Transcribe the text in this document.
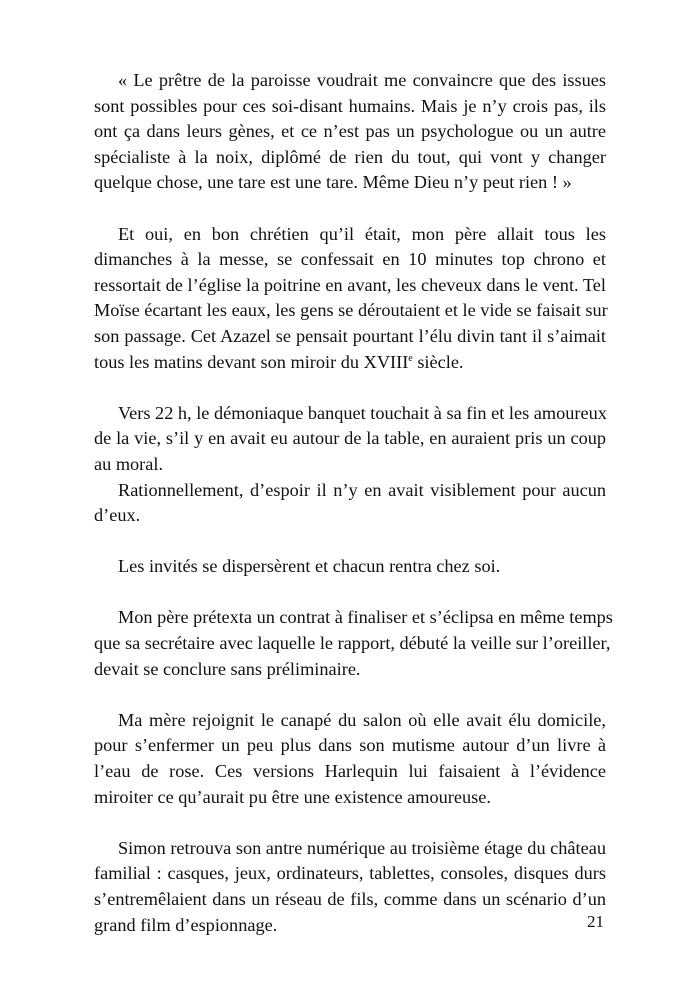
« Le prêtre de la paroisse voudrait me convaincre que des issues
sont possibles pour ces soi-disant humains. Mais je n’y crois pas, ils
ont ça dans leurs gènes, et ce n’est pas un psychologue ou un autre
spécialiste à la noix, diplômé de rien du tout, qui vont y changer
quelque chose, une tare est une tare. Même Dieu n’y peut rien ! »

Et oui, en bon chrétien qu’il était, mon père allait tous les
dimanches à la messe, se confessait en 10 minutes top chrono et
ressortait de l’église la poitrine en avant, les cheveux dans le vent. Tel
Moïse écartant les eaux, les gens se déroutaient et le vide se faisait sur
son passage. Cet Azazel se pensait pourtant l’élu divin tant il s’aimait
tous les matins devant son miroir du XVIIIe siècle.

Vers 22 h, le démoniaque banquet touchait à sa fin et les amoureux
de la vie, s’il y en avait eu autour de la table, en auraient pris un coup
au moral.

Rationnellement, d’espoir il n’y en avait visiblement pour aucun
d’eux.

Les invités se dispersèrent et chacun rentra chez soi.

Mon père prétexta un contrat à finaliser et s’éclipsa en même temps
que sa secrétaire avec laquelle le rapport, débuté la veille sur l’oreiller,
devait se conclure sans préliminaire.

Ma mère rejoignit le canapé du salon où elle avait élu domicile,
pour s’enfermer un peu plus dans son mutisme autour d’un livre à
l’eau de rose. Ces versions Harlequin lui faisaient à l’évidence
miroiter ce qu’aurait pu être une existence amoureuse.

Simon retrouva son antre numérique au troisième étage du château
familial : casques, jeux, ordinateurs, tablettes, consoles, disques durs
s’entremêlaient dans un réseau de fils, comme dans un scénario d’un
grand film d’espionnage.	21
